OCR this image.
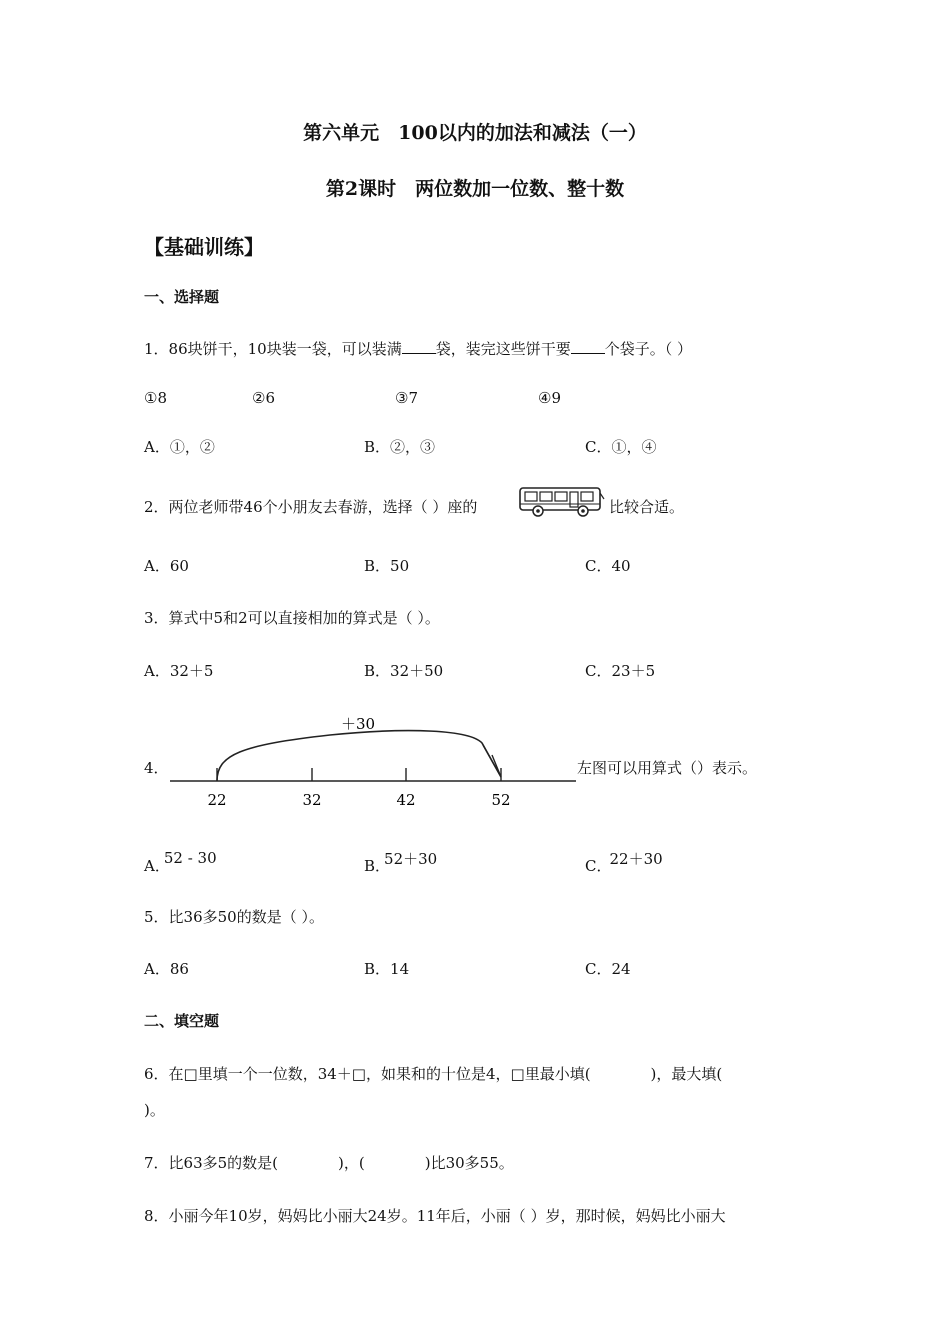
第六单元　100以内的加法和减法（一）
第2课时　两位数加一位数、整十数
【基础训练】
一、选择题
1．86块饼干，10块装一袋，可以装满 袋，装完这些饼干要 个袋子。（ ）
①8	②6	③7	④9
A．①，②	B．②，③	C．①，④
2．两位老师带46个小朋友去春游，选择（ ）座的	比较合适。
A．60	B．50	C．40
3．算式中5和2可以直接相加的算式是（ ）。
A．32＋5	B．32＋50	C．23＋5
4．
＋30
22	32	42	52
左图可以用算式（）表示。
A．52 - 30	B．52＋30	C．22＋30
5．比36多50的数是（ ）。
A．86	B．14	C．24
二、填空题
6．在□里填一个一位数，34＋□，如果和的十位是4，□里最小填(　　　　)，最大填(
)。
7．比63多5的数是(　　　　)，(　　　　)比30多55。
8．小丽今年10岁，妈妈比小丽大24岁。11年后，小丽（ ）岁，那时候，妈妈比小丽大
